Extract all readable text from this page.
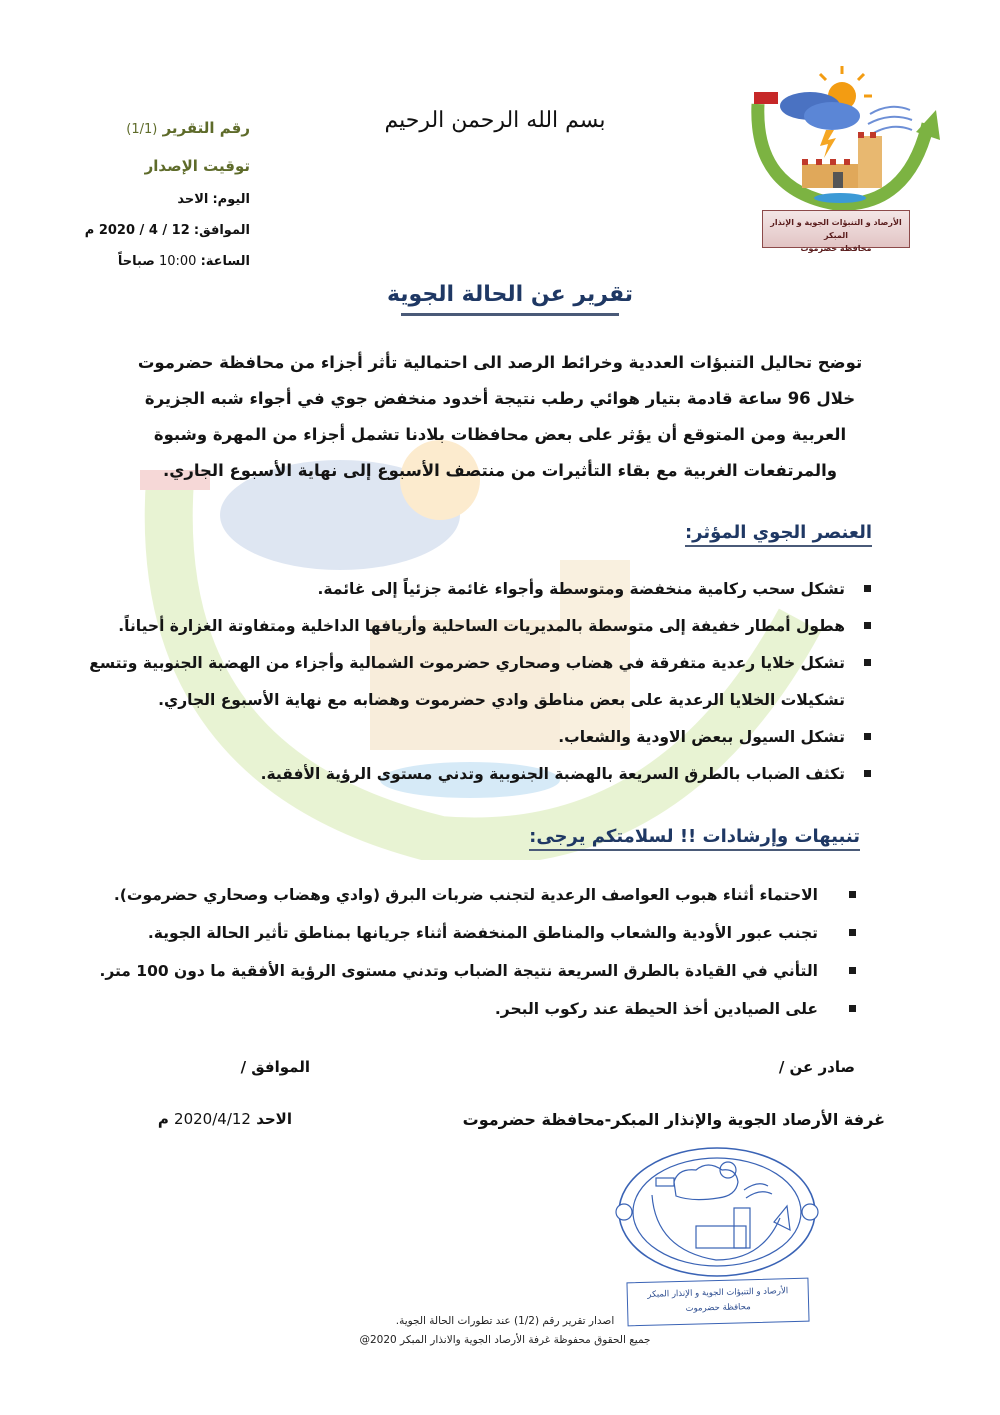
الأرصاد و التنبؤات الجوية و الإنذار المبكر
محافظة حضرموت
بسم الله الرحمن الرحيم
رقم التقرير (1/1)
توقيت الإصدار
اليوم: الاحد
الموافق: 12 / 4 / 2020 م
الساعة: 10:00 صباحاً
تقرير عن الحالة الجوية
توضح تحاليل التنبؤات العددية وخرائط الرصد الى احتمالية تأثر أجزاء من محافظة حضرموت
خلال 96 ساعة قادمة بتيار هوائي رطب نتيجة أخدود منخفض جوي في أجواء شبه الجزيرة
العربية ومن المتوقع أن يؤثر على بعض محافظات بلادنا تشمل أجزاء من المهرة وشبوة
والمرتفعات الغربية مع بقاء التأثيرات من منتصف الأسبوع إلى نهاية الأسبوع الجاري.
العنصر الجوي المؤثر:
تشكل سحب ركامية منخفضة ومتوسطة وأجواء غائمة جزئياً إلى غائمة.
هطول أمطار خفيفة إلى متوسطة بالمديريات الساحلية وأريافها الداخلية ومتفاوتة الغزارة أحياناً.
تشكل خلايا رعدية متفرقة في هضاب وصحاري حضرموت الشمالية وأجزاء من الهضبة الجنوبية وتتسع
تشكيلات الخلايا الرعدية على بعض مناطق وادي حضرموت وهضابه مع نهاية الأسبوع الجاري.
تشكل السيول ببعض الاودية والشعاب.
تكثف الضباب بالطرق السريعة بالهضبة الجنوبية وتدني مستوى الرؤية الأفقية.
تنبيهات وإرشادات !! لسلامتكم يرجى:
الاحتماء أثناء هبوب العواصف الرعدية لتجنب ضربات البرق (وادي وهضاب وصحاري حضرموت).
تجنب عبور الأودية والشعاب والمناطق المنخفضة أثناء جريانها بمناطق تأثير الحالة الجوية.
التأني في القيادة بالطرق السريعة نتيجة الضباب وتدني مستوى الرؤية الأفقية ما دون 100 متر.
على الصيادين أخذ الحيطة عند ركوب البحر.
صادر عن /
الموافق /
غرفة الأرصاد الجوية والإنذار المبكر-محافظة حضرموت
الاحد 2020/4/12 م
الأرصاد و التنبؤات الجوية و الإنذار المبكر
محافظة حضرموت
اصدار تقرير رقم (1/2) عند تطورات الحالة الجوية.
جميع الحقوق محفوظة غرفة الأرصاد الجوية والانذار المبكر 2020@
